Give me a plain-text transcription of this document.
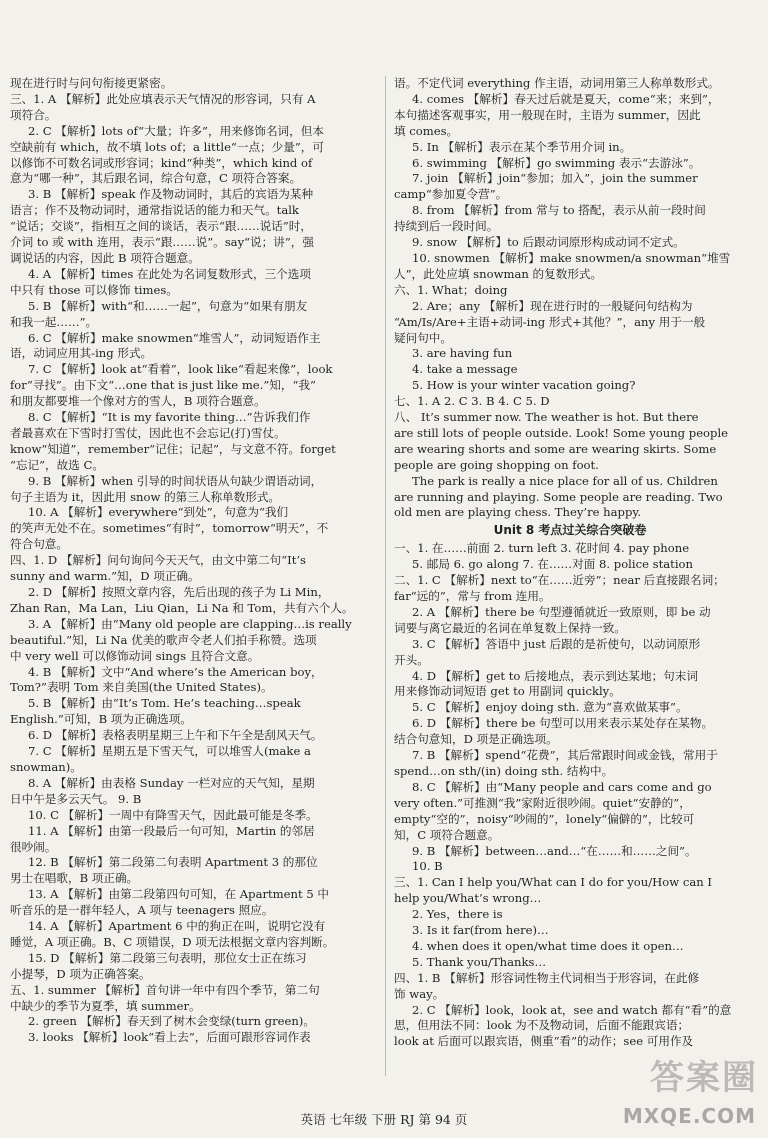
现在进行时与问句衔接更紧密。
三、1. A 【解析】此处应填表示天气情况的形容词，只有 A
项符合。
2. C 【解析】lots of“大量；许多”，用来修饰名词，但本
空缺前有 which，故不填 lots of；a little“一点；少量”，可
以修饰不可数名词或形容词；kind“种类”，which kind of
意为“哪一种”，其后跟名词，综合句意，C 项符合答案。
3. B 【解析】speak 作及物动词时，其后的宾语为某种
语言；作不及物动词时，通常指说话的能力和天气。talk
“说话；交谈”，指相互之间的谈话，表示“跟……说话”时，
介词 to 或 with 连用，表示“跟……说”。say“说；讲”，强
调说话的内容，因此 B 项符合题意。
4. A 【解析】times 在此处为名词复数形式，三个选项
中只有 those 可以修饰 times。
5. B 【解析】with“和……一起”，句意为“如果有朋友
和我一起……”。
6. C 【解析】make snowmen“堆雪人”，动词短语作主
语，动词应用其-ing 形式。
7. C 【解析】look at“看着”，look like“看起来像”，look
for“寻找”。由下文“…one that is just like me.”知，“我”
和朋友都要堆一个像对方的雪人，B 项符合题意。
8. C 【解析】“It is my favorite thing…”告诉我们作
者最喜欢在下雪时打雪仗，因此也不会忘记(打)雪仗。
know“知道”，remember“记住；记起”，与文意不符。forget
“忘记”，故选 C。
9. B 【解析】when 引导的时间状语从句缺少谓语动词，
句子主语为 it，因此用 snow 的第三人称单数形式。
10. A 【解析】everywhere“到处”，句意为“我们
的笑声无处不在。sometimes“有时”，tomorrow“明天”，不
符合句意。
四、1. D 【解析】问句询问今天天气，由文中第二句“It’s
sunny and warm.”知，D 项正确。
2. D 【解析】按照文章内容，先后出现的孩子为 Li Min，
Zhan Ran，Ma Lan，Liu Qian，Li Na 和 Tom，共有六个人。
3. A 【解析】由“Many old people are clapping…is really
beautiful.”知，Li Na 优美的歌声令老人们拍手称赞。选项
中 very well 可以修饰动词 sings 且符合文意。
4. B 【解析】文中“And where’s the American boy，
Tom?”表明 Tom 来自美国(the United States)。
5. B 【解析】由“It’s Tom. He’s teaching…speak
English.”可知，B 项为正确选项。
6. D 【解析】表格表明星期三上午和下午全是刮风天气。
7. C 【解析】星期五是下雪天气，可以堆雪人(make a
snowman)。
8. A 【解析】由表格 Sunday 一栏对应的天气知，星期
日中午是多云天气。 9. B
10. C 【解析】一周中有降雪天气，因此最可能是冬季。
11. A 【解析】由第一段最后一句可知，Martin 的邻居
很吵闹。
12. B 【解析】第二段第二句表明 Apartment 3 的那位
男士在唱歌，B 项正确。
13. A 【解析】由第二段第四句可知，在 Apartment 5 中
听音乐的是一群年轻人，A 项与 teenagers 照应。
14. A 【解析】Apartment 6 中的狗正在叫，说明它没有
睡觉，A 项正确。B、C 项错误，D 项无法根据文章内容判断。
15. D 【解析】第二段第三句表明，那位女士正在练习
小提琴，D 项为正确答案。
五、1. summer 【解析】首句讲一年中有四个季节，第二句
中缺少的季节为夏季，填 summer。
2. green 【解析】春天到了树木会变绿(turn green)。
3. looks 【解析】look“看上去”，后面可跟形容词作表
语。不定代词 everything 作主语，动词用第三人称单数形式。
4. comes 【解析】春天过后就是夏天，come“来；来到”，
本句描述客观事实，用一般现在时，主语为 summer，因此
填 comes。
5. In 【解析】表示在某个季节用介词 in。
6. swimming 【解析】go swimming 表示“去游泳”。
7. join 【解析】join“参加；加入”，join the summer
camp“参加夏令营”。
8. from 【解析】from 常与 to 搭配，表示从前一段时间
持续到后一段时间。
9. snow 【解析】to 后跟动词原形构成动词不定式。
10. snowmen 【解析】make snowmen/a snowman“堆雪
人”，此处应填 snowman 的复数形式。
六、1. What；doing
2. Are；any 【解析】现在进行时的一般疑问句结构为
“Am/Is/Are+主语+动词-ing 形式+其他？”，any 用于一般
疑问句中。
3. are having fun
4. take a message
5. How is your winter vacation going?
七、1. A 2. C 3. B 4. C 5. D
八、 It’s summer now. The weather is hot. But there
are still lots of people outside. Look! Some young people
are wearing shorts and some are wearing skirts. Some
people are going shopping on foot.
The park is really a nice place for all of us. Children
are running and playing. Some people are reading. Two
old men are playing chess. They’re happy.
Unit 8 考点过关综合突破卷
一、1. 在……前面 2. turn left 3. 花时间 4. pay phone
5. 邮局 6. go along 7. 在……对面 8. police station
二、1. C 【解析】next to“在……近旁”；near 后直接跟名词；
far“远的”，常与 from 连用。
2. A 【解析】there be 句型遵循就近一致原则，即 be 动
词要与离它最近的名词在单复数上保持一致。
3. C 【解析】答语中 just 后跟的是祈使句，以动词原形
开头。
4. D 【解析】get to 后接地点，表示到达某地；句末词
用来修饰动词短语 get to 用副词 quickly。
5. C 【解析】enjoy doing sth. 意为“喜欢做某事”。
6. D 【解析】there be 句型可以用来表示某处存在某物。
结合句意知，D 项是正确选项。
7. B 【解析】spend“花费”，其后常跟时间或金钱，常用于
spend…on sth/(in) doing sth. 结构中。
8. C 【解析】由“Many people and cars come and go
very often.”可推测“我”家附近很吵闹。quiet“安静的”，
empty“空的”，noisy“吵闹的”，lonely“偏僻的”，比较可
知，C 项符合题意。
9. B 【解析】between…and…“在……和……之间”。
10. B
三、1. Can I help you/What can I do for you/How can I
help you/What’s wrong…
2. Yes，there is
3. Is it far(from here)…
4. when does it open/what time does it open…
5. Thank you/Thanks…
四、1. B 【解析】形容词性物主代词相当于形容词，在此修
饰 way。
2. C 【解析】look，look at，see and watch 都有“看”的意
思，但用法不同：look 为不及物动词，后面不能跟宾语；
look at 后面可以跟宾语，侧重“看”的动作；see 可用作及
英语 七年级 下册 RJ 第 94 页
答案圈
MXQE.COM
